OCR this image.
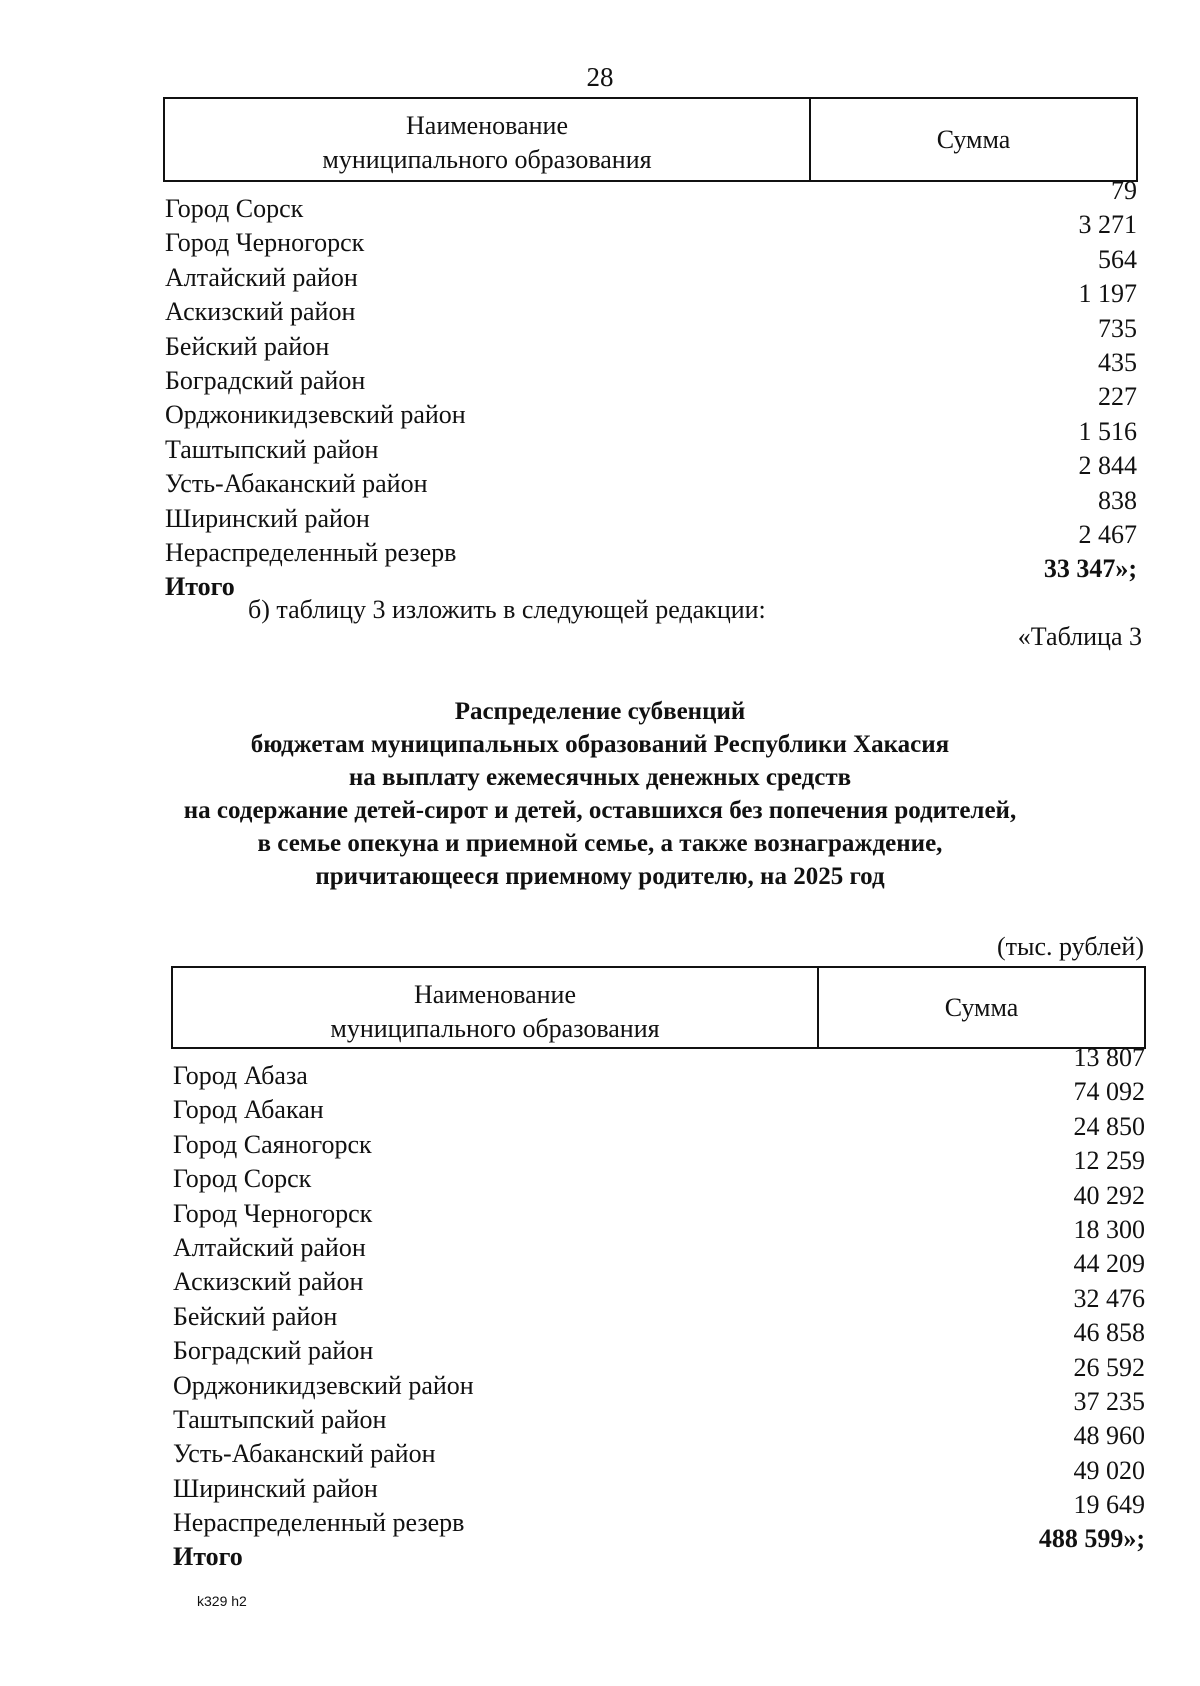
28
Наименование
муниципального образования
Сумма
Город Сорск
79
Город Черногорск
3 271
Алтайский район
564
Аскизский район
1 197
Бейский район
735
Боградский район
435
Орджоникидзевский район
227
Таштыпский район
1 516
Усть-Абаканский район
2 844
Ширинский район
838
Нераспределенный резерв
2 467
Итого
33 347»;
б) таблицу 3 изложить в следующей редакции:
«Таблица 3
Распределение субвенций
бюджетам муниципальных образований Республики Хакасия
на выплату ежемесячных денежных средств
на содержание детей-сирот и детей, оставшихся без попечения родителей,
в семье опекуна и приемной семье, а также вознаграждение,
причитающееся приемному родителю, на 2025 год
(тыс. рублей)
Наименование
муниципального образования
Сумма
Город Абаза
13 807
Город Абакан
74 092
Город Саяногорск
24 850
Город Сорск
12 259
Город Черногорск
40 292
Алтайский район
18 300
Аскизский район
44 209
Бейский район
32 476
Боградский район
46 858
Орджоникидзевский район
26 592
Таштыпский район
37 235
Усть-Абаканский район
48 960
Ширинский район
49 020
Нераспределенный резерв
19 649
Итого
488 599»;
k329 h2
